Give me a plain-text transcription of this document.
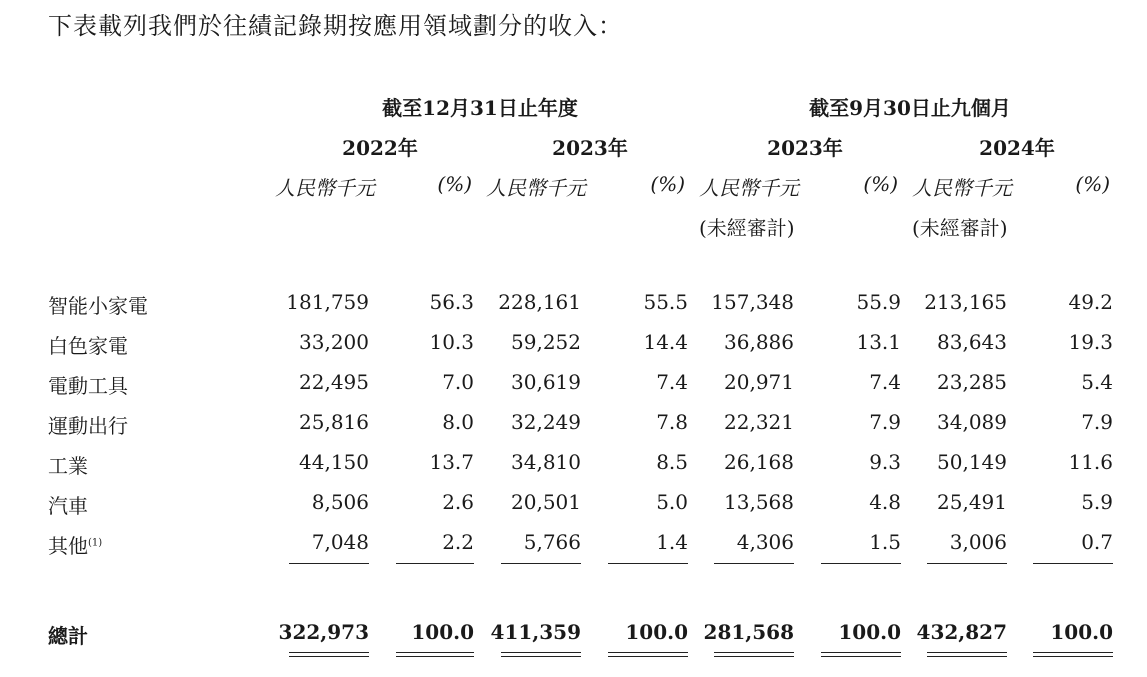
下表載列我們於往績記錄期按應用領域劃分的收入：
截至12月31日止年度	截至9月30日止九個月
2022年	2023年	2023年	2024年
人民幣千元	(%) 人民幣千元	(%) 人民幣千元	(%) 人民幣千元	(%)
(未經審計)	(未經審計)
智能小家電	181,759	56.3	228,161	55.5	157,348	55.9	213,165	49.2
白色家電	33,200	10.3	59,252	14.4	36,886	13.1	83,643	19.3
電動工具	22,495	7.0	30,619	7.4	20,971	7.4	23,285	5.4
運動出行	25,816	8.0	32,249	7.8	22,321	7.9	34,089	7.9
工業	44,150	13.7	34,810	8.5	26,168	9.3	50,149	11.6
汽車	8,506	2.6	20,501	5.0	13,568	4.8	25,491	5.9
其他$^{(1)}$	7,048	2.2	5,766	1.4	4,306	1.5	3,006	0.7
總計	322,973	100.0 411,359	100.0 281,568	100.0 432,827	100.0
